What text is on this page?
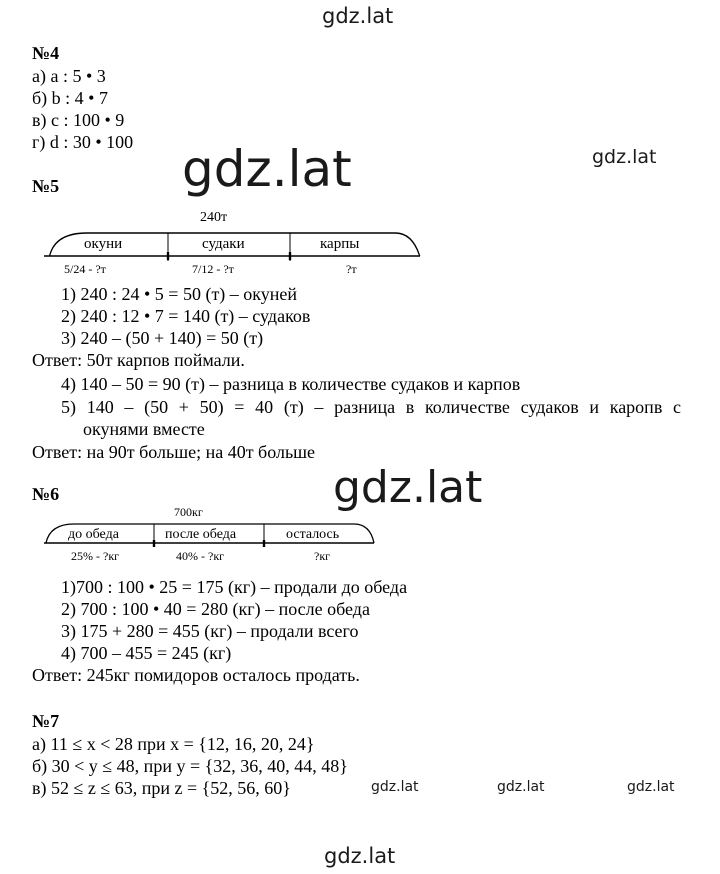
gdz.lat
gdz.lat	gdz.lat
gdz.lat
gdz.lat	gdz.lat	gdz.lat
gdz.lat
№4
а) a : 5 • 3
б) b : 4 • 7
в) c : 100 • 9
г) d : 30 • 100
№5
240т
окуни	судаки	карпы
5/24 - ?т	7/12 - ?т	?т
1) 240 : 24 • 5 = 50 (т) – окуней
2) 240 : 12 • 7 = 140 (т) – судаков
3) 240 – (50 + 140) = 50 (т)
Ответ: 50т карпов поймали.
4) 140 – 50 = 90 (т) – разница в количестве судаков и карпов
5) 140 – (50 + 50) = 40 (т) – разница в количестве судаков и каропв с
окунями вместе
Ответ: на 90т больше; на 40т больше
№6
700кг
до обеда	после обеда	осталось
25% - ?кг	40% - ?кг	?кг
1)700 : 100 • 25 = 175 (кг) – продали до обеда
2) 700 : 100 • 40 = 280 (кг) – после обеда
3) 175 + 280 = 455 (кг) – продали всего
4) 700 – 455 = 245 (кг)
Ответ: 245кг помидоров осталось продать.
№7
а) 11 ≤ x < 28 при x = {12, 16, 20, 24}
б) 30 < y ≤ 48, при y = {32, 36, 40, 44, 48}
в) 52 ≤ z ≤ 63, при z = {52, 56, 60}
